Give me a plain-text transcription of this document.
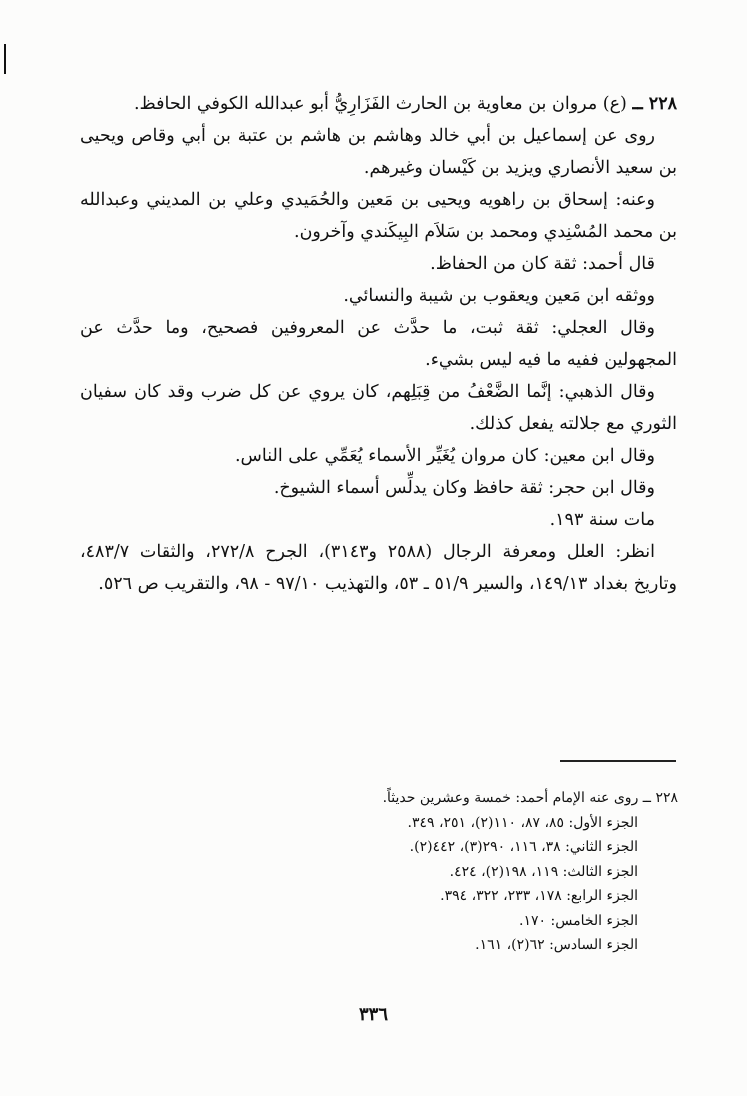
٢٢٨ ــ (ع) مروان بن معاوية بن الحارث الفَزَارِيُّ أبو عبدالله الكوفي الحافظ.

روى عن إسماعيل بن أبي خالد وهاشم بن هاشم بن عتبة بن أبي وقاص ويحيى بن سعيد الأنصاري ويزيد بن كَيْسان وغيرهم.

وعنه: إسحاق بن راهويه ويحيى بن مَعين والحُمَيدي وعلي بن المديني وعبدالله بن محمد المُسْنِدي ومحمد بن سَلاَم البِيكَندي وآخرون.

قال أحمد: ثقة كان من الحفاظ.

ووثقه ابن مَعين ويعقوب بن شيبة والنسائي.

وقال العجلي: ثقة ثبت، ما حدَّث عن المعروفين فصحيح، وما حدَّث عن المجهولين ففيه ما فيه ليس بشيء.

وقال الذهبي: إنَّما الضَّعْفُ من قِبَلِهم، كان يروي عن كل ضرب وقد كان سفيان الثوري مع جلالته يفعل كذلك.

وقال ابن معين: كان مروان يُغَيِّر الأسماء يُعَمِّي على الناس.

وقال ابن حجر: ثقة حافظ وكان يدلِّس أسماء الشيوخ.

مات سنة ١٩٣.

انظر: العلل ومعرفة الرجال (٢٥٨٨ و٣١٤٣)، الجرح ٢٧٢/٨، والثقات ٤٨٣/٧، وتاريخ بغداد ١٤٩/١٣، والسير ٥١/٩ ـ ٥٣، والتهذيب ٩٧/١٠ - ٩٨، والتقريب ص ٥٢٦.

٢٢٨ ــ روى عنه الإمام أحمد: خمسة وعشرين حديثاً.

الجزء الأول: ٨٥، ٨٧، ١١٠(٢)، ٢٥١، ٣٤٩.

الجزء الثاني: ٣٨، ١١٦، ٢٩٠(٣)، ٤٤٢(٢).

الجزء الثالث: ١١٩، ١٩٨(٢)، ٤٢٤.

الجزء الرابع: ١٧٨، ٢٣٣، ٣٢٢، ٣٩٤.

الجزء الخامس: ١٧٠.

الجزء السادس: ٦٢(٢)، ١٦١.

٣٣٦
